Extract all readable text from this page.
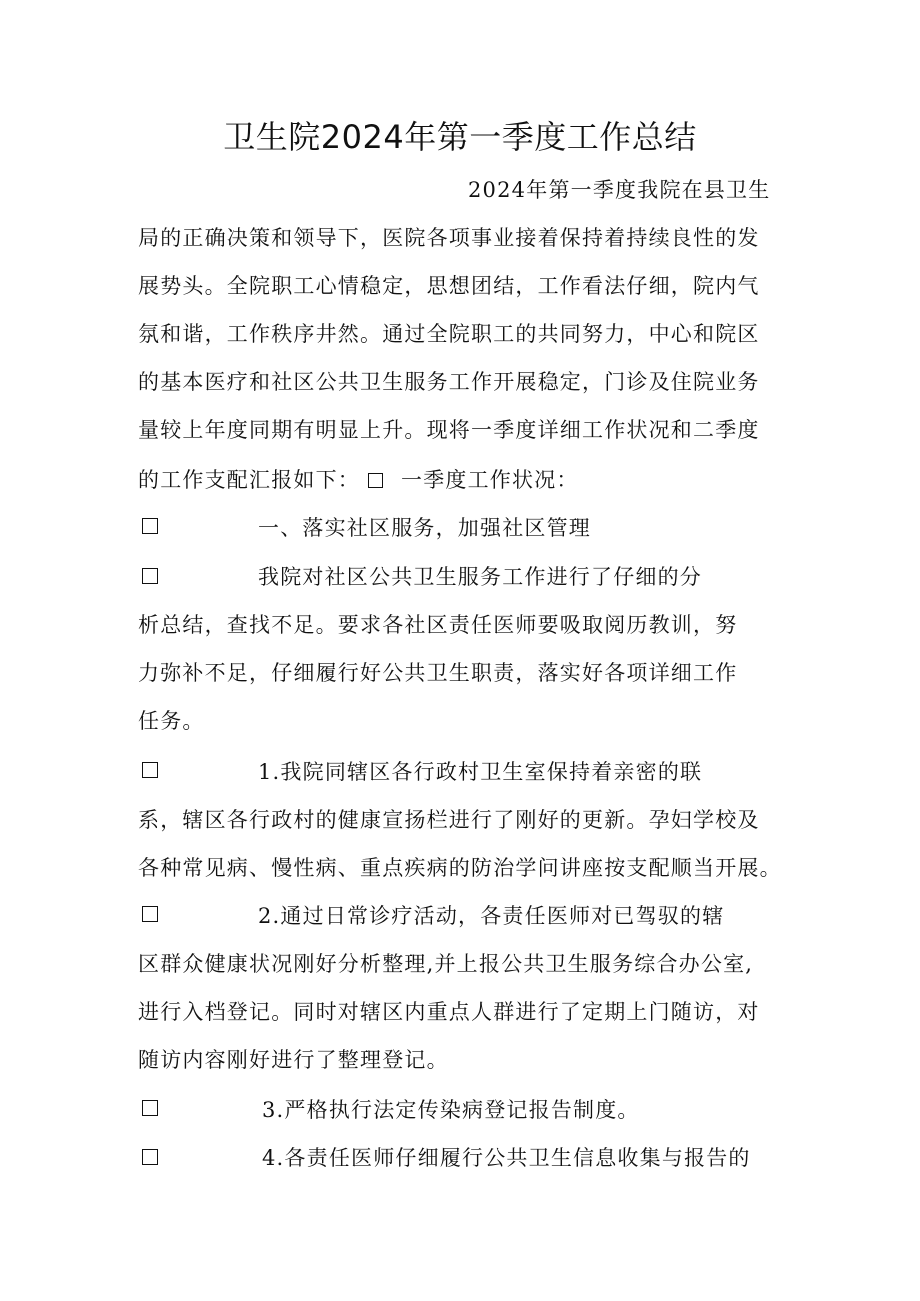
卫生院2024年第一季度工作总结
2024年第一季度我院在县卫生
局的正确决策和领导下，医院各项事业接着保持着持续良性的发
展势头。全院职工心情稳定，思想团结，工作看法仔细，院内气
氛和谐，工作秩序井然。通过全院职工的共同努力，中心和院区
的基本医疗和社区公共卫生服务工作开展稳定，门诊及住院业务
量较上年度同期有明显上升。现将一季度详细工作状况和二季度
的工作支配汇报如下： 一季度工作状况：
一、落实社区服务，加强社区管理
我院对社区公共卫生服务工作进行了仔细的分
析总结，查找不足。要求各社区责任医师要吸取阅历教训，努
力弥补不足，仔细履行好公共卫生职责，落实好各项详细工作
任务。
1.我院同辖区各行政村卫生室保持着亲密的联
系，辖区各行政村的健康宣扬栏进行了刚好的更新。孕妇学校及
各种常见病、慢性病、重点疾病的防治学问讲座按支配顺当开展。
2.通过日常诊疗活动，各责任医师对已驾驭的辖
区群众健康状况刚好分析整理,并上报公共卫生服务综合办公室,
进行入档登记。同时对辖区内重点人群进行了定期上门随访，对
随访内容刚好进行了整理登记。
3.严格执行法定传染病登记报告制度。
4.各责任医师仔细履行公共卫生信息收集与报告的
